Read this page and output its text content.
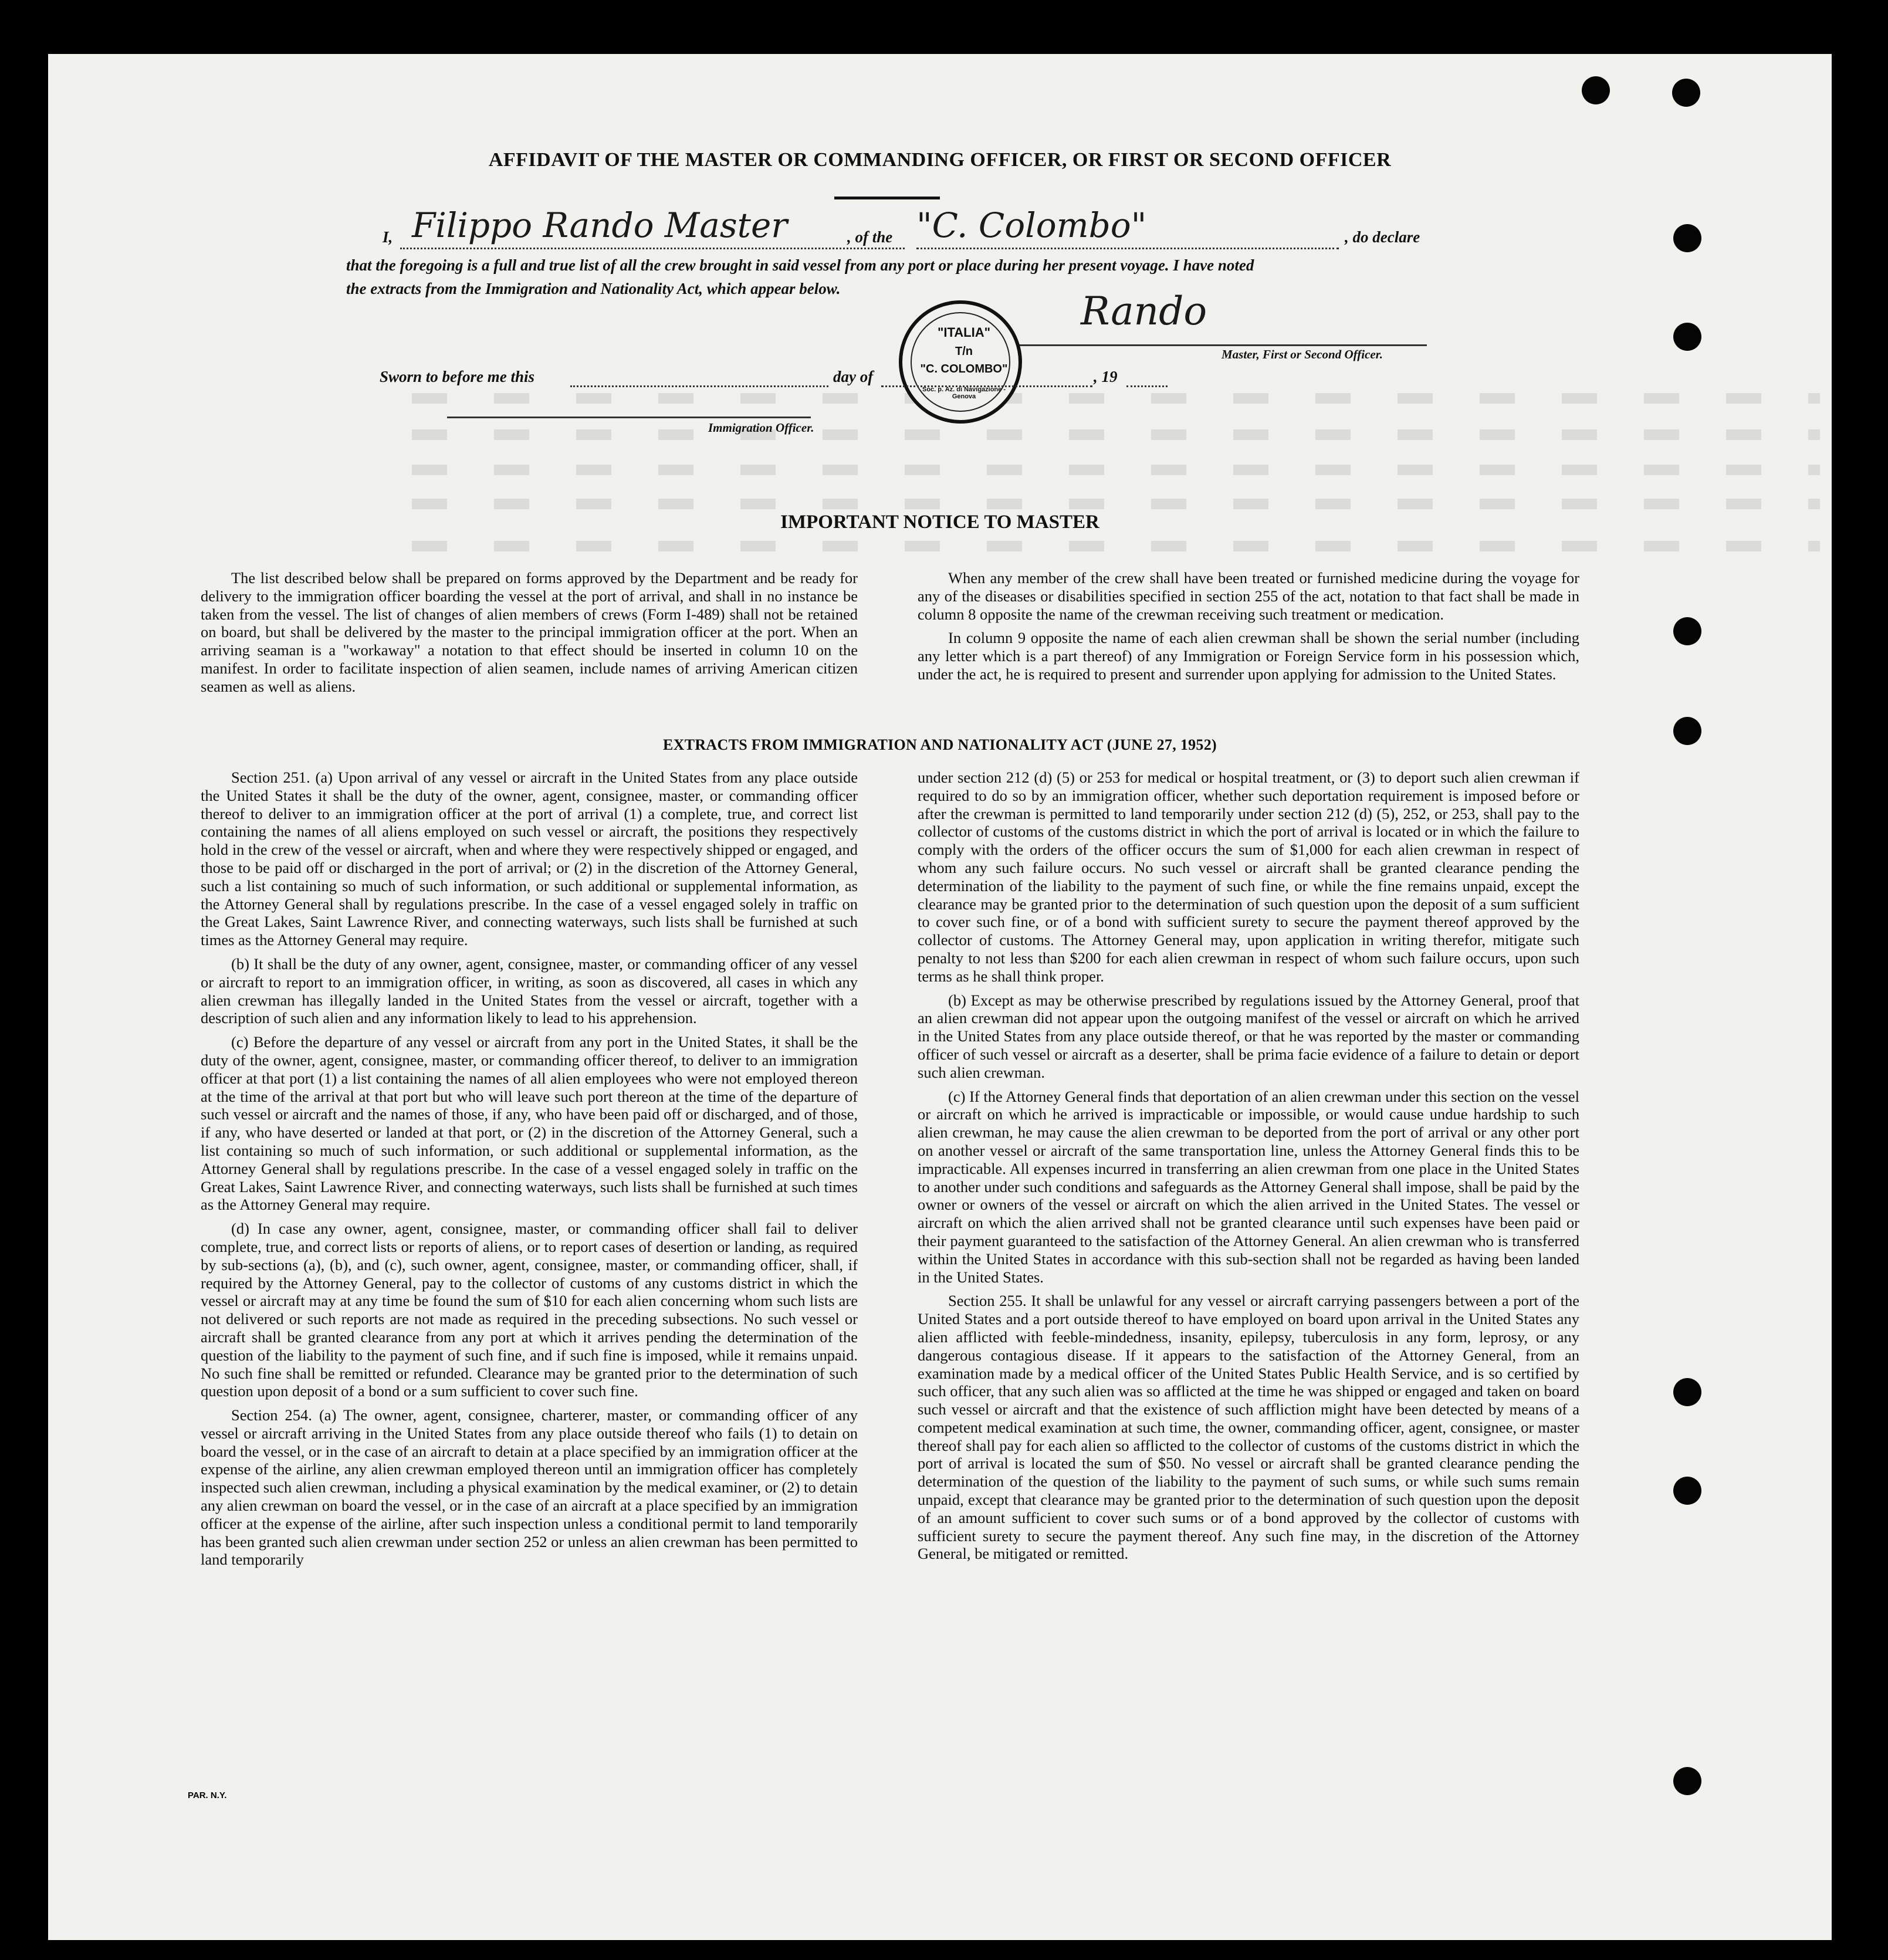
AFFIDAVIT OF THE MASTER OR COMMANDING OFFICER, OR FIRST OR SECOND OFFICER
I, Filippo Rando Master	, of the "C. Colombo"	, do declare
that the foregoing is a full and true list of all the crew brought in said vessel from any port or place during her present voyage. I have noted
the extracts from the Immigration and Nationality Act, which appear below.	Rando
Master, First or Second Officer.
"ITALIA"
T/n
"C. COLOMBO"
Soc. p. Az. di Navigazione - Genova
Sworn to before me this	day of	, 19
Immigration Officer.
IMPORTANT NOTICE TO MASTER

The list described below shall be prepared on forms approved by the Department and be ready for delivery to the immigration officer boarding the vessel at the port of arrival, and shall in no instance be taken from the vessel. The list of changes of alien members of crews (Form I-489) shall not be retained on board, but shall be delivered by the master to the principal immigration officer at the port. When an arriving seaman is a "workaway" a notation to that effect should be inserted in column 10 on the manifest. In order to facilitate inspection of alien seamen, include names of arriving American citizen seamen as well as aliens.

When any member of the crew shall have been treated or furnished medicine during the voyage for any of the diseases or disabilities specified in section 255 of the act, notation to that fact shall be made in column 8 opposite the name of the crewman receiving such treatment or medication.

In column 9 opposite the name of each alien crewman shall be shown the serial number (including any letter which is a part thereof) of any Immigration or Foreign Service form in his possession which, under the act, he is required to present and surrender upon applying for admission to the United States.

EXTRACTS FROM IMMIGRATION AND NATIONALITY ACT (JUNE 27, 1952)

Section 251. (a) Upon arrival of any vessel or aircraft in the United States from any place outside the United States it shall be the duty of the owner, agent, consignee, master, or commanding officer thereof to deliver to an immigration officer at the port of arrival (1) a complete, true, and correct list containing the names of all aliens employed on such vessel or aircraft, the positions they respectively hold in the crew of the vessel or aircraft, when and where they were respectively shipped or engaged, and those to be paid off or discharged in the port of arrival; or (2) in the discretion of the Attorney General, such a list containing so much of such information, or such additional or supplemental information, as the Attorney General shall by regulations prescribe. In the case of a vessel engaged solely in traffic on the Great Lakes, Saint Lawrence River, and connecting waterways, such lists shall be furnished at such times as the Attorney General may require.

(b) It shall be the duty of any owner, agent, consignee, master, or commanding officer of any vessel or aircraft to report to an immigration officer, in writing, as soon as discovered, all cases in which any alien crewman has illegally landed in the United States from the vessel or aircraft, together with a description of such alien and any information likely to lead to his apprehension.

(c) Before the departure of any vessel or aircraft from any port in the United States, it shall be the duty of the owner, agent, consignee, master, or commanding officer thereof, to deliver to an immigration officer at that port (1) a list containing the names of all alien employees who were not employed thereon at the time of the arrival at that port but who will leave such port thereon at the time of the departure of such vessel or aircraft and the names of those, if any, who have been paid off or discharged, and of those, if any, who have deserted or landed at that port, or (2) in the discretion of the Attorney General, such a list containing so much of such information, or such additional or supplemental information, as the Attorney General shall by regulations prescribe. In the case of a vessel engaged solely in traffic on the Great Lakes, Saint Lawrence River, and connecting waterways, such lists shall be furnished at such times as the Attorney General may require.

(d) In case any owner, agent, consignee, master, or commanding officer shall fail to deliver complete, true, and correct lists or reports of aliens, or to report cases of desertion or landing, as required by sub-sections (a), (b), and (c), such owner, agent, consignee, master, or commanding officer, shall, if required by the Attorney General, pay to the collector of customs of any customs district in which the vessel or aircraft may at any time be found the sum of $10 for each alien concerning whom such lists are not delivered or such reports are not made as required in the preceding subsections. No such vessel or aircraft shall be granted clearance from any port at which it arrives pending the determination of the question of the liability to the payment of such fine, and if such fine is imposed, while it remains unpaid. No such fine shall be remitted or refunded. Clearance may be granted prior to the determination of such question upon deposit of a bond or a sum sufficient to cover such fine.

Section 254. (a) The owner, agent, consignee, charterer, master, or commanding officer of any vessel or aircraft arriving in the United States from any place outside thereof who fails (1) to detain on board the vessel, or in the case of an aircraft to detain at a place specified by an immigration officer at the expense of the airline, any alien crewman employed thereon until an immigration officer has completely inspected such alien crewman, including a physical examination by the medical examiner, or (2) to detain any alien crewman on board the vessel, or in the case of an aircraft at a place specified by an immigration officer at the expense of the airline, after such inspection unless a conditional permit to land temporarily has been granted such alien crewman under section 252 or unless an alien crewman has been permitted to land temporarily

under section 212 (d) (5) or 253 for medical or hospital treatment, or (3) to deport such alien crewman if required to do so by an immigration officer, whether such deportation requirement is imposed before or after the crewman is permitted to land temporarily under section 212 (d) (5), 252, or 253, shall pay to the collector of customs of the customs district in which the port of arrival is located or in which the failure to comply with the orders of the officer occurs the sum of $1,000 for each alien crewman in respect of whom any such failure occurs. No such vessel or aircraft shall be granted clearance pending the determination of the liability to the payment of such fine, or while the fine remains unpaid, except the clearance may be granted prior to the determination of such question upon the deposit of a sum sufficient to cover such fine, or of a bond with sufficient surety to secure the payment thereof approved by the collector of customs. The Attorney General may, upon application in writing therefor, mitigate such penalty to not less than $200 for each alien crewman in respect of whom such failure occurs, upon such terms as he shall think proper.

(b) Except as may be otherwise prescribed by regulations issued by the Attorney General, proof that an alien crewman did not appear upon the outgoing manifest of the vessel or aircraft on which he arrived in the United States from any place outside thereof, or that he was reported by the master or commanding officer of such vessel or aircraft as a deserter, shall be prima facie evidence of a failure to detain or deport such alien crewman.

(c) If the Attorney General finds that deportation of an alien crewman under this section on the vessel or aircraft on which he arrived is impracticable or impossible, or would cause undue hardship to such alien crewman, he may cause the alien crewman to be deported from the port of arrival or any other port on another vessel or aircraft of the same transportation line, unless the Attorney General finds this to be impracticable. All expenses incurred in transferring an alien crewman from one place in the United States to another under such conditions and safeguards as the Attorney General shall impose, shall be paid by the owner or owners of the vessel or aircraft on which the alien arrived in the United States. The vessel or aircraft on which the alien arrived shall not be granted clearance until such expenses have been paid or their payment guaranteed to the satisfaction of the Attorney General. An alien crewman who is transferred within the United States in accordance with this sub-section shall not be regarded as having been landed in the United States.

Section 255. It shall be unlawful for any vessel or aircraft carrying passengers between a port of the United States and a port outside thereof to have employed on board upon arrival in the United States any alien afflicted with feeble-mindedness, insanity, epilepsy, tuberculosis in any form, leprosy, or any dangerous contagious disease. If it appears to the satisfaction of the Attorney General, from an examination made by a medical officer of the United States Public Health Service, and is so certified by such officer, that any such alien was so afflicted at the time he was shipped or engaged and taken on board such vessel or aircraft and that the existence of such affliction might have been detected by means of a competent medical examination at such time, the owner, commanding officer, agent, consignee, or master thereof shall pay for each alien so afflicted to the collector of customs of the customs district in which the port of arrival is located the sum of $50. No vessel or aircraft shall be granted clearance pending the determination of the question of the liability to the payment of such sums, or while such sums remain unpaid, except that clearance may be granted prior to the determination of such question upon the deposit of an amount sufficient to cover such sums or of a bond approved by the collector of customs with sufficient surety to secure the payment thereof. Any such fine may, in the discretion of the Attorney General, be mitigated or remitted.

PAR. N.Y.
